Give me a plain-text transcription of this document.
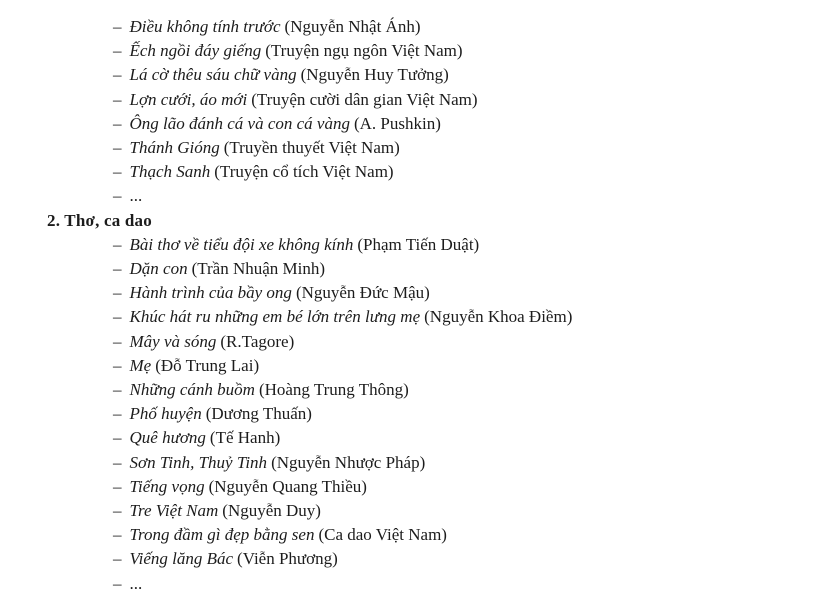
– Điều không tính trước (Nguyễn Nhật Ánh)
– Ếch ngồi đáy giếng (Truyện ngụ ngôn Việt Nam)
– Lá cờ thêu sáu chữ vàng (Nguyễn Huy Tưởng)
– Lợn cưới, áo mới (Truyện cười dân gian Việt Nam)
– Ông lão đánh cá và con cá vàng (A. Pushkin)
– Thánh Gióng (Truyền thuyết Việt Nam)
– Thạch Sanh (Truyện cổ tích Việt Nam)
– ...
2. Thơ, ca dao
– Bài thơ về tiểu đội xe không kính (Phạm Tiến Duật)
– Dặn con (Trần Nhuận Minh)
– Hành trình của bầy ong (Nguyễn Đức Mậu)
– Khúc hát ru những em bé lớn trên lưng mẹ (Nguyễn Khoa Điềm)
– Mây và sóng (R.Tagore)
– Mẹ (Đỗ Trung Lai)
– Những cánh buồm (Hoàng Trung Thông)
– Phố huyện (Dương Thuấn)
– Quê hương (Tế Hanh)
– Sơn Tinh, Thuỷ Tinh (Nguyễn Nhược Pháp)
– Tiếng vọng (Nguyễn Quang Thiều)
– Tre Việt Nam (Nguyễn Duy)
– Trong đầm gì đẹp bằng sen (Ca dao Việt Nam)
– Viếng lăng Bác (Viễn Phương)
– ...
